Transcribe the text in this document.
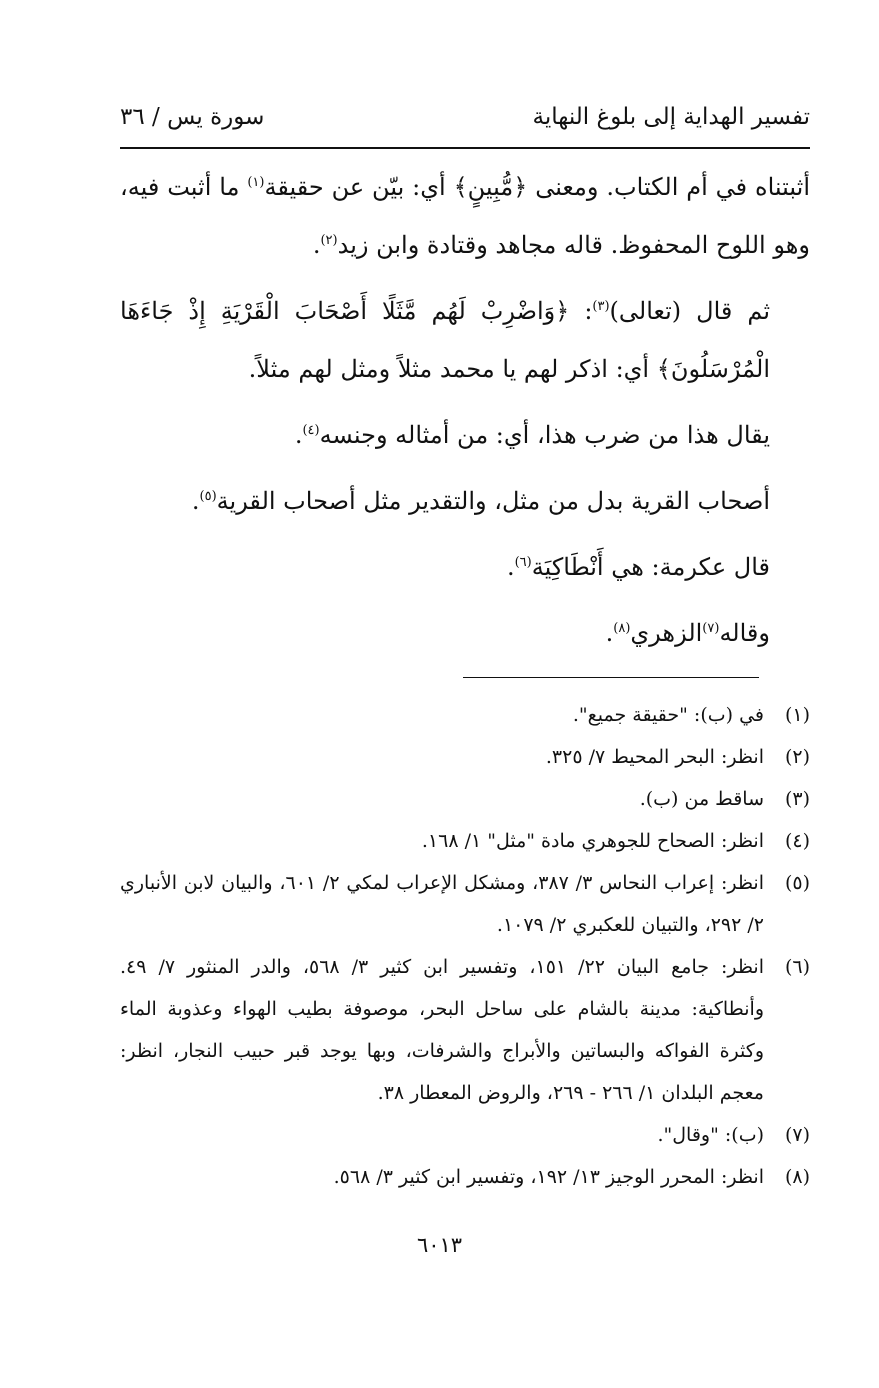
تفسير الهداية إلى بلوغ النهاية
سورة يس / ٣٦

أثبتناه في أم الكتاب. ومعنى ﴿مُّبِينٍ﴾ أي: بيّن عن حقيقة$^{(١)}$ ما أثبت فيه، وهو اللوح المحفوظ. قاله مجاهد وقتادة وابن زيد$^{(٢)}$.

ثم قال (تعالى)$^{(٣)}$: ﴿وَاضْرِبْ لَهُم مَّثَلًا أَصْحَابَ الْقَرْيَةِ إِذْ جَاءَهَا الْمُرْسَلُونَ﴾ أي: اذكر لهم يا محمد مثلاً ومثل لهم مثلاً.

يقال هذا من ضرب هذا، أي: من أمثاله وجنسه$^{(٤)}$.

أصحاب القرية بدل من مثل، والتقدير مثل أصحاب القرية$^{(٥)}$.

قال عكرمة: هي أَنْطَاكِيَة$^{(٦)}$.

وقاله$^{(٧)}$الزهري$^{(٨)}$.

(١)
في (ب): "حقيقة جميع".
(٢)
انظر: البحر المحيط ٧/ ٣٢٥.
(٣)
ساقط من (ب).
(٤)
انظر: الصحاح للجوهري مادة "مثل" ١/ ١٦٨.
(٥)
انظر: إعراب النحاس ٣/ ٣٨٧، ومشكل الإعراب لمكي ٢/ ٦٠١، والبيان لابن الأنباري ٢/ ٢٩٢، والتبيان للعكبري ٢/ ١٠٧٩.
(٦)
انظر: جامع البيان ٢٢/ ١٥١، وتفسير ابن كثير ٣/ ٥٦٨، والدر المنثور ٧/ ٤٩. وأنطاكية: مدينة بالشام على ساحل البحر، موصوفة بطيب الهواء وعذوبة الماء وكثرة الفواكه والبساتين والأبراج والشرفات، وبها يوجد قبر حبيب النجار، انظر: معجم البلدان ١/ ٢٦٦ - ٢٦٩، والروض المعطار ٣٨.
(٧)
(ب): "وقال".
(٨)
انظر: المحرر الوجيز ١٣/ ١٩٢، وتفسير ابن كثير ٣/ ٥٦٨.
٦٠١٣
